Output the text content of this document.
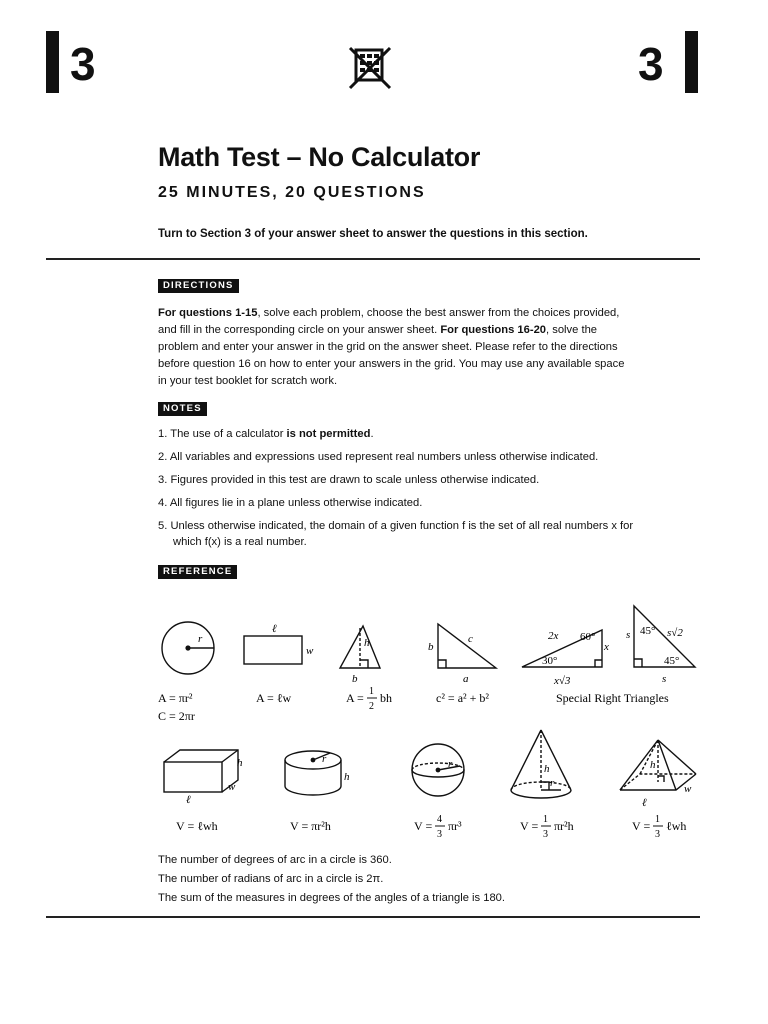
3	3
Math Test – No Calculator
25 MINUTES, 20 QUESTIONS
Turn to Section 3 of your answer sheet to answer the questions in this section.
DIRECTIONS
For questions 1-15, solve each problem, choose the best answer from the choices provided, and fill in the corresponding circle on your answer sheet. For questions 16-20, solve the problem and enter your answer in the grid on the answer sheet. Please refer to the directions before question 16 on how to enter your answers in the grid. You may use any available space in your test booklet for scratch work.
NOTES
1. The use of a calculator is not permitted.
2. All variables and expressions used represent real numbers unless otherwise indicated.
3. Figures provided in this test are drawn to scale unless otherwise indicated.
4. All figures lie in a plane unless otherwise indicated.
5. Unless otherwise indicated, the domain of a given function f is the set of all real numbers x for which f(x) is a real number.
REFERENCE
r
ℓ
w
h
b
b
c
a
2x 60°
x
30°
x√3
45° s√2
s
45°
s
h
w
ℓ
r
h
r	h
r
h
w
ℓ
A = πr²
C = 2πr
A = ℓw	A = 1
2
bh	c² = a² + b²	Special Right Triangles
V = ℓwh	V = πr²h	V = 4
3
πr³	V = 1
3
πr²h	V = 1
3
ℓwh
The number of degrees of arc in a circle is 360.
The number of radians of arc in a circle is 2π.
The sum of the measures in degrees of the angles of a triangle is 180.
